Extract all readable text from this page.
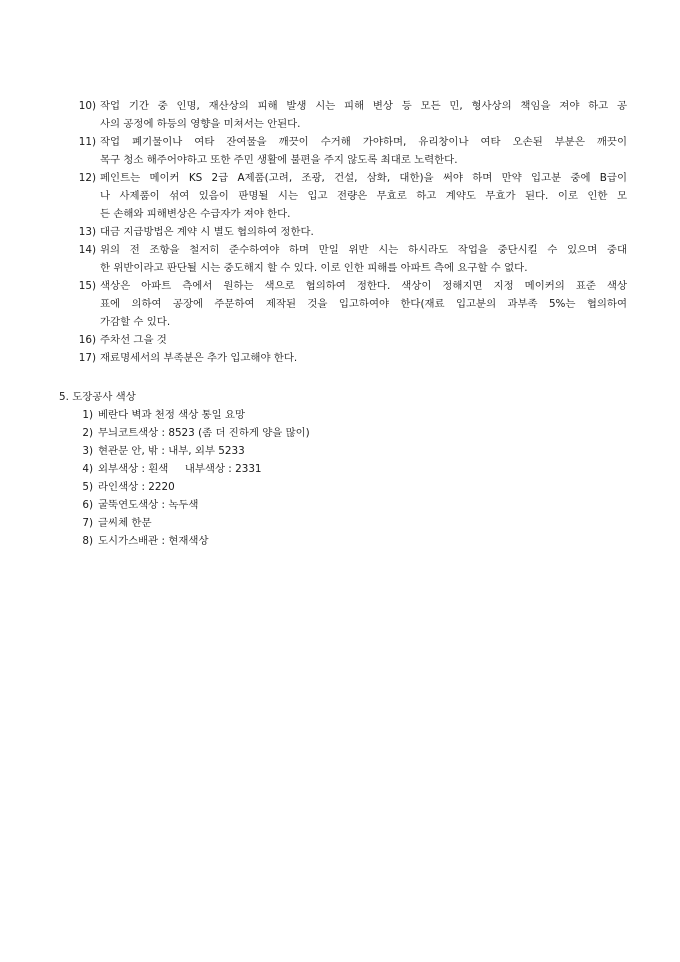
10) 작업 기간 중 인명, 재산상의 피해 발생 시는 피해 변상 등 모든 민, 형사상의 책임을 져야 하고 공
사의 공정에 하등의 영향을 미쳐서는 안된다.
11) 작업 폐기물이나 여타 잔여물을 깨끗이 수거해 가야하며, 유리창이나 여타 오손된 부분은 깨끗이
목구 청소 해주어야하고 또한 주민 생활에 불편을 주지 않도록 최대로 노력한다.
12) 페인트는 메이커 KS 2급 A제품(고려, 조광, 건설, 삼화, 대한)을 써야 하며 만약 입고분 중에 B급이
나 사제품이 섞여 있음이 판명될 시는 입고 전량은 무효로 하고 계약도 무효가 된다. 이로 인한 모
든 손해와 피해변상은 수급자가 져야 한다.
13) 대금 지급방법은 계약 시 별도 협의하여 정한다.
14) 위의 전 조항을 철저히 준수하여야 하며 만일 위반 시는 하시라도 작업을 중단시킬 수 있으며 중대
한 위반이라고 판단될 시는 중도해지 할 수 있다. 이로 인한 피해를 아파트 측에 요구할 수 없다.
15) 색상은 아파트 측에서 원하는 색으로 협의하여 정한다. 색상이 정해지면 지정 메이커의 표준 색상
표에 의하여 공장에 주문하여 제작된 것을 입고하여야 한다(재료 입고분의 과부족 5%는 협의하여
가감할 수 있다.
16) 주차선 그을 것
17) 재료명세서의 부족분은 추가 입고해야 한다.
5. 도장공사 색상
1) 베란다 벽과 천정 색상 통일 요망
2) 무늬코트색상 : 8523 (좀 더 진하게 양을 많이)
3) 현관문 안, 밖 : 내부, 외부 5233
4) 외부색상 : 흰색     내부색상 : 2331
5) 라인색상 : 2220
6) 굴뚝연도색상 : 녹두색
7) 글씨체 한문
8) 도시가스배관 : 현재색상
